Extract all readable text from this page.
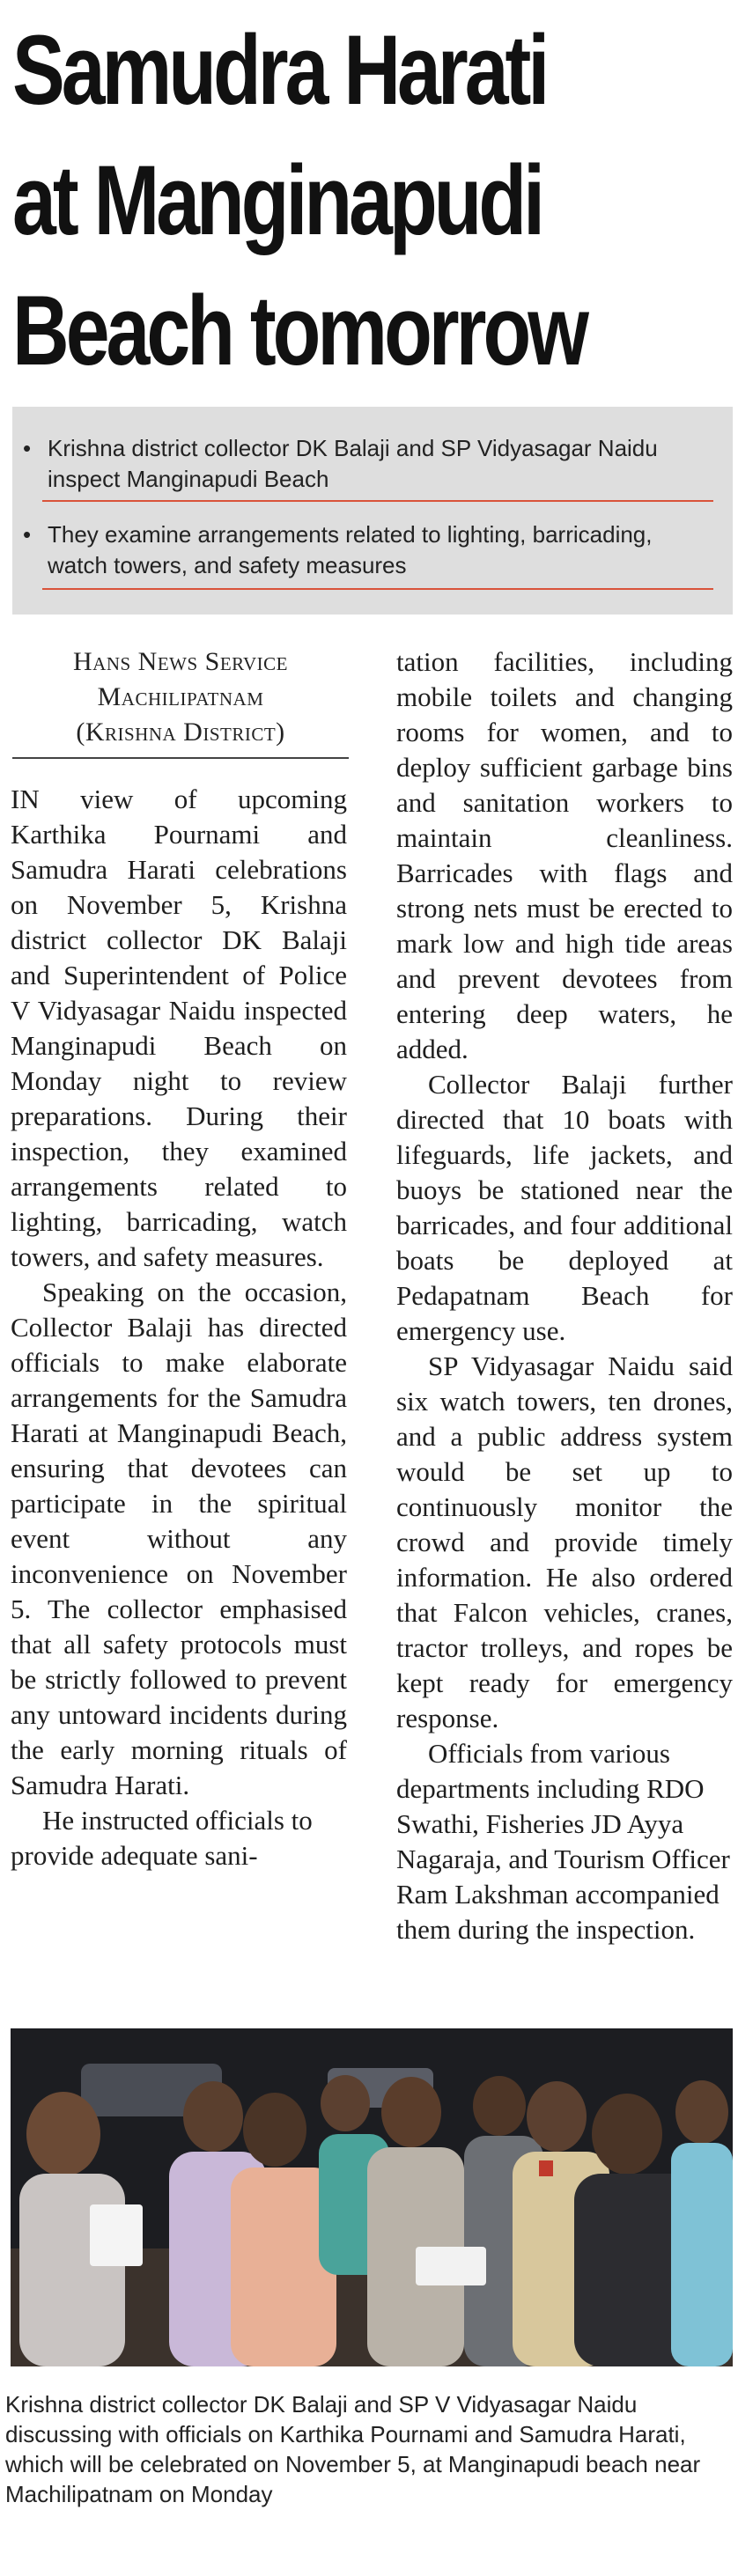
Samudra Harati
at Manginapudi
Beach tomorrow
• Krishna district collector DK Balaji and SP Vidyasagar Naidu inspect Manginapudi Beach
• They examine arrangements related to lighting, barricading, watch towers, and safety measures
Hans News Service
Machilipatnam
(Krishna District)

IN view of upcoming Karthika Pournami and Samudra Harati celebrations on November 5, Krishna district collector DK Balaji and Superintendent of Police V Vidyasagar Naidu inspected Manginapudi Beach on Monday night to review preparations. During their inspection, they examined arrangements related to lighting, barricading, watch towers, and safety measures.

Speaking on the occasion, Collector Balaji has directed officials to make elaborate arrangements for the Samudra Harati at Manginapudi Beach, ensuring that devotees can participate in the spiritual event without any inconvenience on November 5. The collector emphasised that all safety protocols must be strictly followed to prevent any untoward incidents during the early morning rituals of Samudra Harati.

He instructed officials to provide adequate sani-

tation facilities, including mobile toilets and changing rooms for women, and to deploy sufficient garbage bins and sanitation workers to maintain cleanliness. Barricades with flags and strong nets must be erected to mark low and high tide areas and prevent devotees from entering deep waters, he added.

Collector Balaji further directed that 10 boats with lifeguards, life jackets, and buoys be stationed near the barricades, and four additional boats be deployed at Pedapatnam Beach for emergency use.

SP Vidyasagar Naidu said six watch towers, ten drones, and a public address system would be set up to continuously monitor the crowd and provide timely information. He also ordered that Falcon vehicles, cranes, tractor trolleys, and ropes be kept ready for emergency response.

Officials from various departments including RDO Swathi, Fisheries JD Ayya Nagaraja, and Tourism Officer Ram Lakshman accompanied them during the inspection.

Krishna district collector DK Balaji and SP V Vidyasagar Naidu discussing with officials on Karthika Pournami and Samudra Harati, which will be celebrated on November 5, at Manginapudi beach near Machilipatnam on Monday
